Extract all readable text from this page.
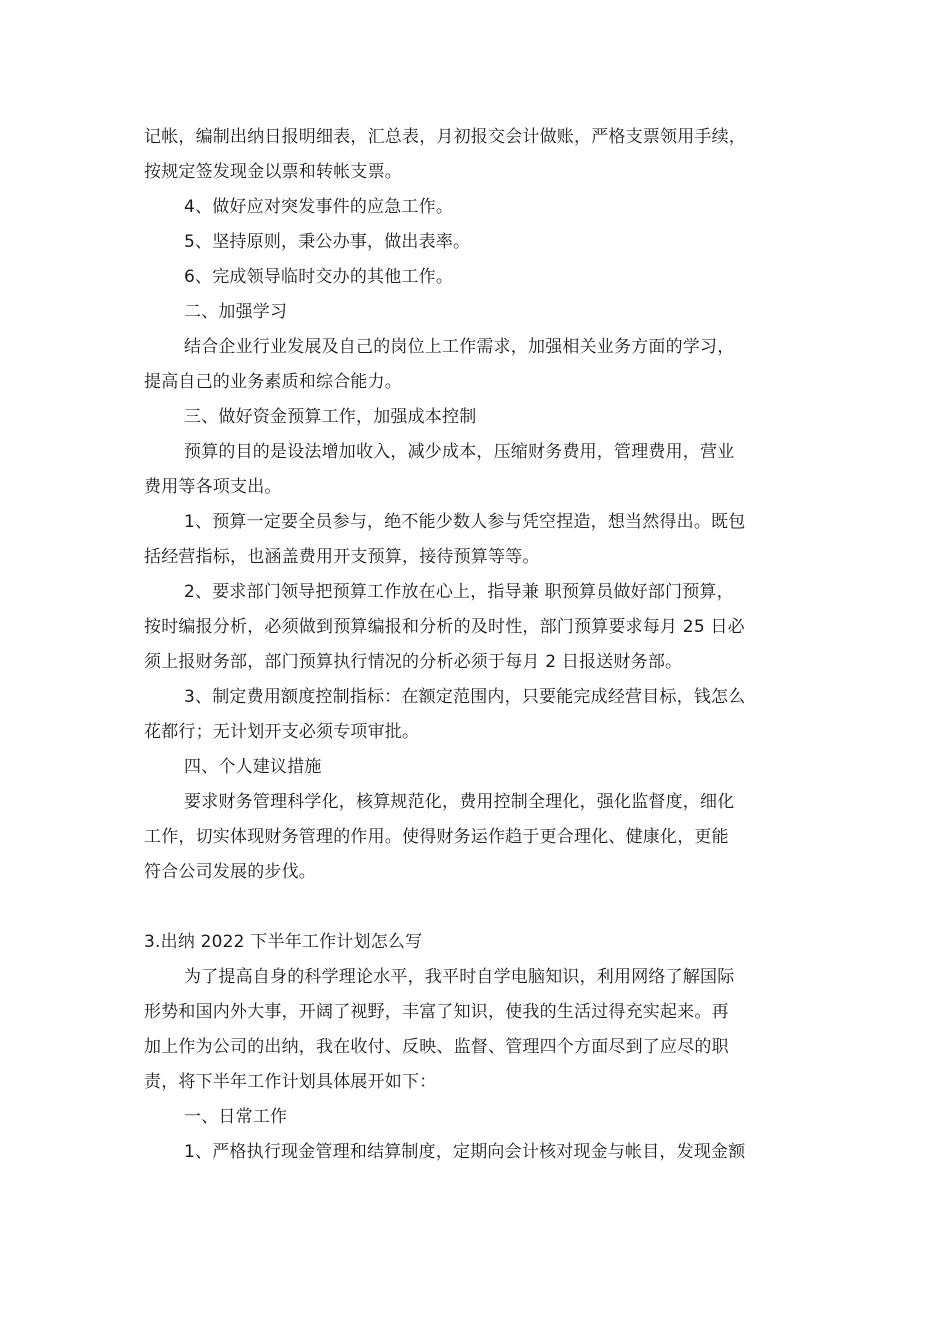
记帐，编制出纳日报明细表，汇总表，月初报交会计做账，严格支票领用手续，

按规定签发现金以票和转帐支票。

4、做好应对突发事件的应急工作。

5、坚持原则，秉公办事，做出表率。

6、完成领导临时交办的其他工作。

二、加强学习

结合企业行业发展及自己的岗位上工作需求，加强相关业务方面的学习，

提高自己的业务素质和综合能力。

三、做好资金预算工作，加强成本控制

预算的目的是设法增加收入，减少成本，压缩财务费用，管理费用，营业

费用等各项支出。

1、预算一定要全员参与，绝不能少数人参与凭空捏造，想当然得出。既包

括经营指标，也涵盖费用开支预算，接待预算等等。

2、要求部门领导把预算工作放在心上，指导兼 职预算员做好部门预算，

按时编报分析，必须做到预算编报和分析的及时性，部门预算要求每月 25 日必

须上报财务部，部门预算执行情况的分析必须于每月 2 日报送财务部。

3、制定费用额度控制指标：在额定范围内，只要能完成经营目标，钱怎么

花都行；无计划开支必须专项审批。

四、个人建议措施

要求财务管理科学化，核算规范化，费用控制全理化，强化监督度，细化

工作，切实体现财务管理的作用。使得财务运作趋于更合理化、健康化，更能

符合公司发展的步伐。

3.出纳 2022 下半年工作计划怎么写

为了提高自身的科学理论水平，我平时自学电脑知识，利用网络了解国际

形势和国内外大事，开阔了视野，丰富了知识，使我的生活过得充实起来。再

加上作为公司的出纳，我在收付、反映、监督、管理四个方面尽到了应尽的职

责，将下半年工作计划具体展开如下：

一、日常工作

1、严格执行现金管理和结算制度，定期向会计核对现金与帐目，发现金额
